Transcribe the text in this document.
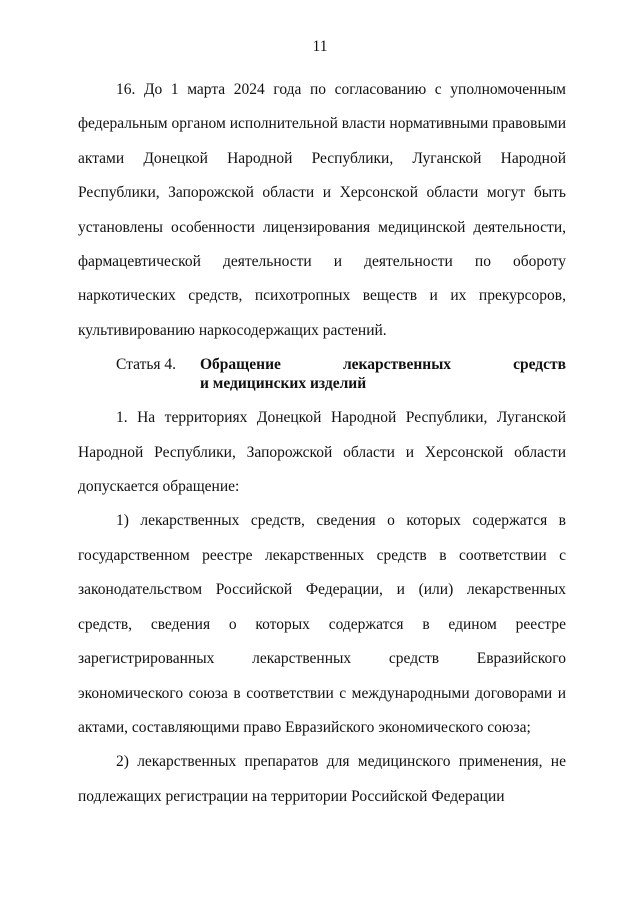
11

16. До 1 марта 2024 года по согласованию с уполномоченным федеральным органом исполнительной власти нормативными правовыми актами Донецкой Народной Республики, Луганской Народной Республики, Запорожской области и Херсонской области могут быть установлены особенности лицензирования медицинской деятельности, фармацевтической деятельности и деятельности по обороту наркотических средств, психотропных веществ и их прекурсоров, культивированию наркосодержащих растений.

Статья 4.	Обращение лекарственных средств
и медицинских изделий

1. На территориях Донецкой Народной Республики, Луганской Народной Республики, Запорожской области и Херсонской области допускается обращение:

1) лекарственных средств, сведения о которых содержатся в государственном реестре лекарственных средств в соответствии с законодательством Российской Федерации, и (или) лекарственных средств, сведения о которых содержатся в едином реестре зарегистрированных лекарственных средств Евразийского экономического союза в соответствии с международными договорами и актами, составляющими право Евразийского экономического союза;

2) лекарственных препаратов для медицинского применения, не подлежащих регистрации на территории Российской Федерации
